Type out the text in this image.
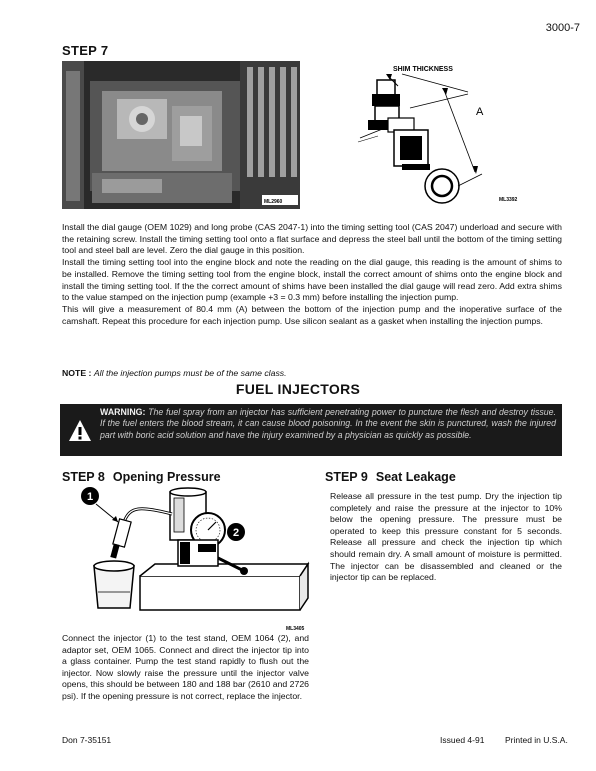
3000-7
STEP 7
ML2960
SHIM THICKNESS
A
ML3392

Install the dial gauge (OEM 1029) and long probe (CAS 2047-1) into the timing setting tool (CAS 2047) underload and secure with the retaining screw. Install the timing setting tool onto a flat surface and depress the steel ball until the bottom of the timing setting tool and steel ball are level. Zero the dial gauge in this position.

Install the timing setting tool into the engine block and note the reading on the dial gauge, this reading is the amount of shims to be installed. Remove the timing setting tool from the engine block, install the correct amount of shims onto the engine block and install the timing setting tool. If the the correct amount of shims have been installed the dial gauge will read zero. Add extra shims to the value stamped on the injection pump (example +3 = 0.3 mm) before installing the injection pump.

This will give a measurement of 80.4 mm (A) between the bottom of the injection pump and the inoperative surface of the camshaft. Repeat this procedure for each injection pump. Use silicon sealant as a gasket when installing the injection pumps.

NOTE : All the injection pumps must be of the same class.
FUEL INJECTORS
WARNING: The fuel spray from an injector has sufficient penetrating power to puncture the flesh and destroy tissue. If the fuel enters the blood stream, it can cause blood poisoning. In the event the skin is punctured, wash the injured part with boric acid solution and have the injury examined by a physician as quickly as possible.
STEP 8 Opening Pressure	STEP 9 Seat Leakage
1
2
ML3405
Connect the injector (1) to the test stand, OEM 1064 (2), and adaptor set, OEM 1065. Connect and direct the injector tip into a glass container. Pump the test stand rapidly to flush out the injector. Now slowly raise the pressure until the injector valve opens, this should be between 180 and 188 bar (2610 and 2726 psi). If the opening pressure is not correct, replace the injector.
Release all pressure in the test pump. Dry the injection tip completely and raise the pressure at the injector to 10% below the opening pressure. The pressure must be operated to keep this pressure constant for 5 seconds. Release all pressure and check the injection tip which should remain dry. A small amount of moisture is permitted. The injector can be disassembled and cleaned or the injector tip can be replaced.
Don 7-35151	Issued 4-91 Printed in U.S.A.
